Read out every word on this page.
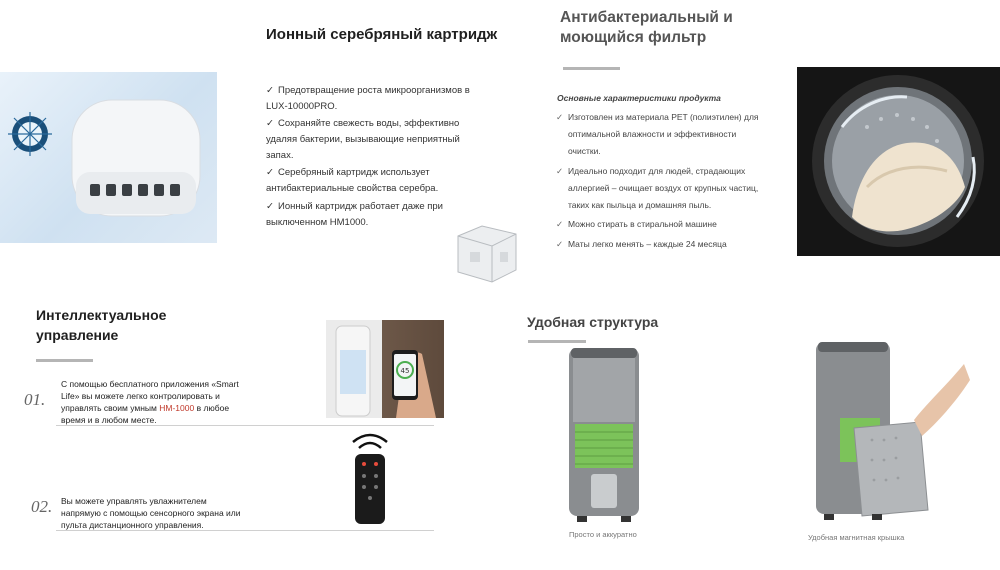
Ионный серебряный картридж
✓ Предотвращение роста микроорганизмов в
LUX-10000PRO.
✓ Сохраняйте свежесть воды, эффективно
удаляя бактерии, вызывающие неприятный
запах.
✓ Серебряный картридж использует
антибактериальные свойства серебра.
✓ Ионный картридж работает даже при
выключенном HM1000.
Антибактериальный и
моющийся фильтр
Основные характеристики продукта
✓ Изготовлен из материала PET (полиэтилен) для
оптимальной влажности и эффективности
очистки.
✓ Идеально подходит для людей, страдающих
аллергией – очищает воздух от крупных частиц,
таких как пыльца и домашняя пыль.
✓ Можно стирать в стиральной машине
✓ Маты легко менять – каждые 24 месяца
Интеллектуальное
управление
01.
С помощью бесплатного приложения «Smart
Life» вы можете легко контролировать и
управлять своим умным HM-1000 в любое
время и в любом месте.
45
02. Вы можете управлять увлажнителем
напрямую с помощью сенсорного экрана или
пульта дистанционного управления.
Удобная структура
Просто и аккуратно	Удобная магнитная крышка
